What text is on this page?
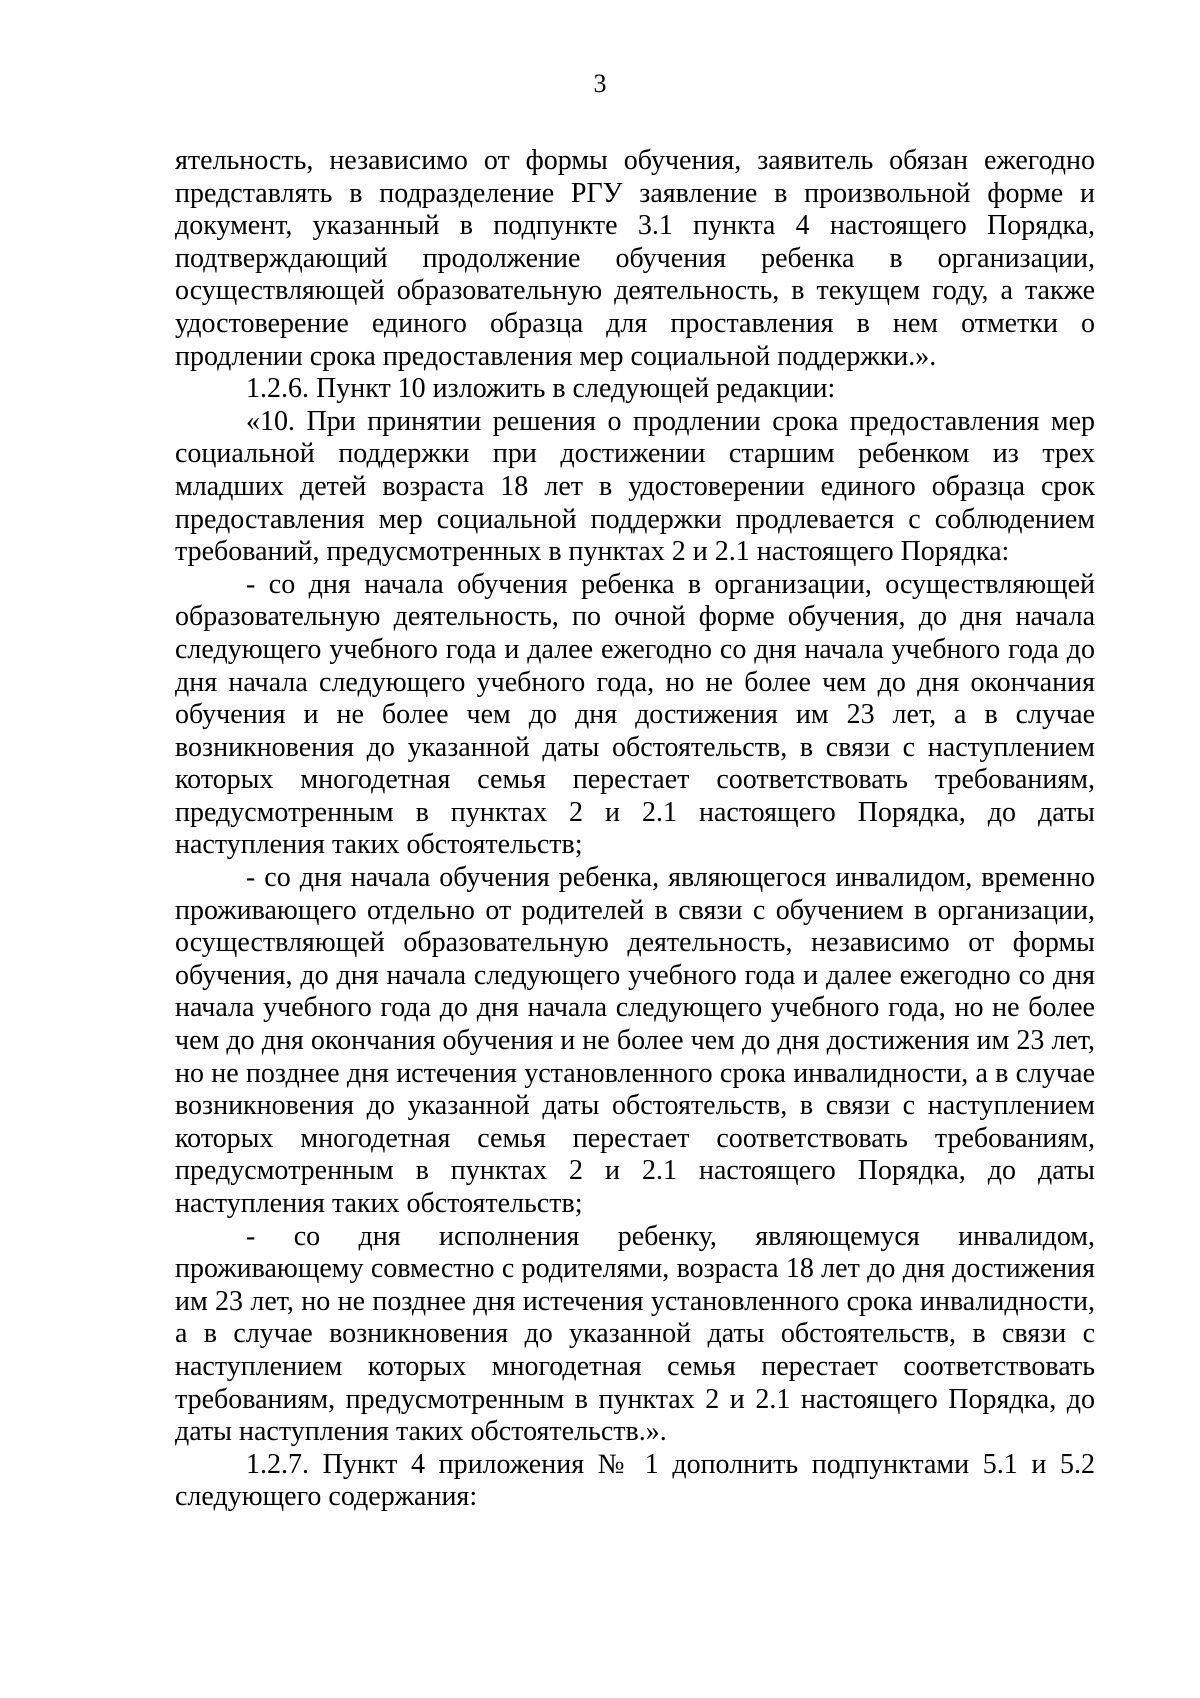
3

ятельность, независимо от формы обучения, заявитель обязан ежегодно представлять в подразделение РГУ заявление в произвольной форме и документ, указанный в подпункте 3.1 пункта 4 настоящего Порядка, подтверждающий продолжение обучения ребенка в организации, осуществляющей образовательную деятельность, в текущем году, а также удостоверение единого образца для проставления в нем отметки о продлении срока предоставления мер социальной поддержки.».

1.2.6. Пункт 10 изложить в следующей редакции:

«10. При принятии решения о продлении срока предоставления мер социальной поддержки при достижении старшим ребенком из трех младших детей возраста 18 лет в удостоверении единого образца срок предоставления мер социальной поддержки продлевается с соблюдением требований, предусмотренных в пунктах 2 и 2.1 настоящего Порядка:

- со дня начала обучения ребенка в организации, осуществляющей образовательную деятельность, по очной форме обучения, до дня начала следующего учебного года и далее ежегодно со дня начала учебного года до дня начала следующего учебного года, но не более чем до дня окончания обучения и не более чем до дня достижения им 23 лет, а в случае возникновения до указанной даты обстоятельств, в связи с наступлением которых многодетная семья перестает соответствовать требованиям, предусмотренным в пунктах 2 и 2.1 настоящего Порядка, до даты наступления таких обстоятельств;

- со дня начала обучения ребенка, являющегося инвалидом, временно проживающего отдельно от родителей в связи с обучением в организации, осуществляющей образовательную деятельность, независимо от формы обучения, до дня начала следующего учебного года и далее ежегодно со дня начала учебного года до дня начала следующего учебного года, но не более чем до дня окончания обучения и не более чем до дня достижения им 23 лет, но не позднее дня истечения установленного срока инвалидности, а в случае возникновения до указанной даты обстоятельств, в связи с наступлением которых многодетная семья перестает соответствовать требованиям, предусмотренным в пунктах 2 и 2.1 настоящего Порядка, до даты наступления таких обстоятельств;

- со дня исполнения ребенку, являющемуся инвалидом, проживающему совместно с родителями, возраста 18 лет до дня достижения им 23 лет, но не позднее дня истечения установленного срока инвалидности, а в случае возникновения до указанной даты обстоятельств, в связи с наступлением которых многодетная семья перестает соответствовать требованиям, предусмотренным в пунктах 2 и 2.1 настоящего Порядка, до даты наступления таких обстоятельств.».

1.2.7. Пункт 4 приложения № 1 дополнить подпунктами 5.1 и 5.2 следующего содержания:
